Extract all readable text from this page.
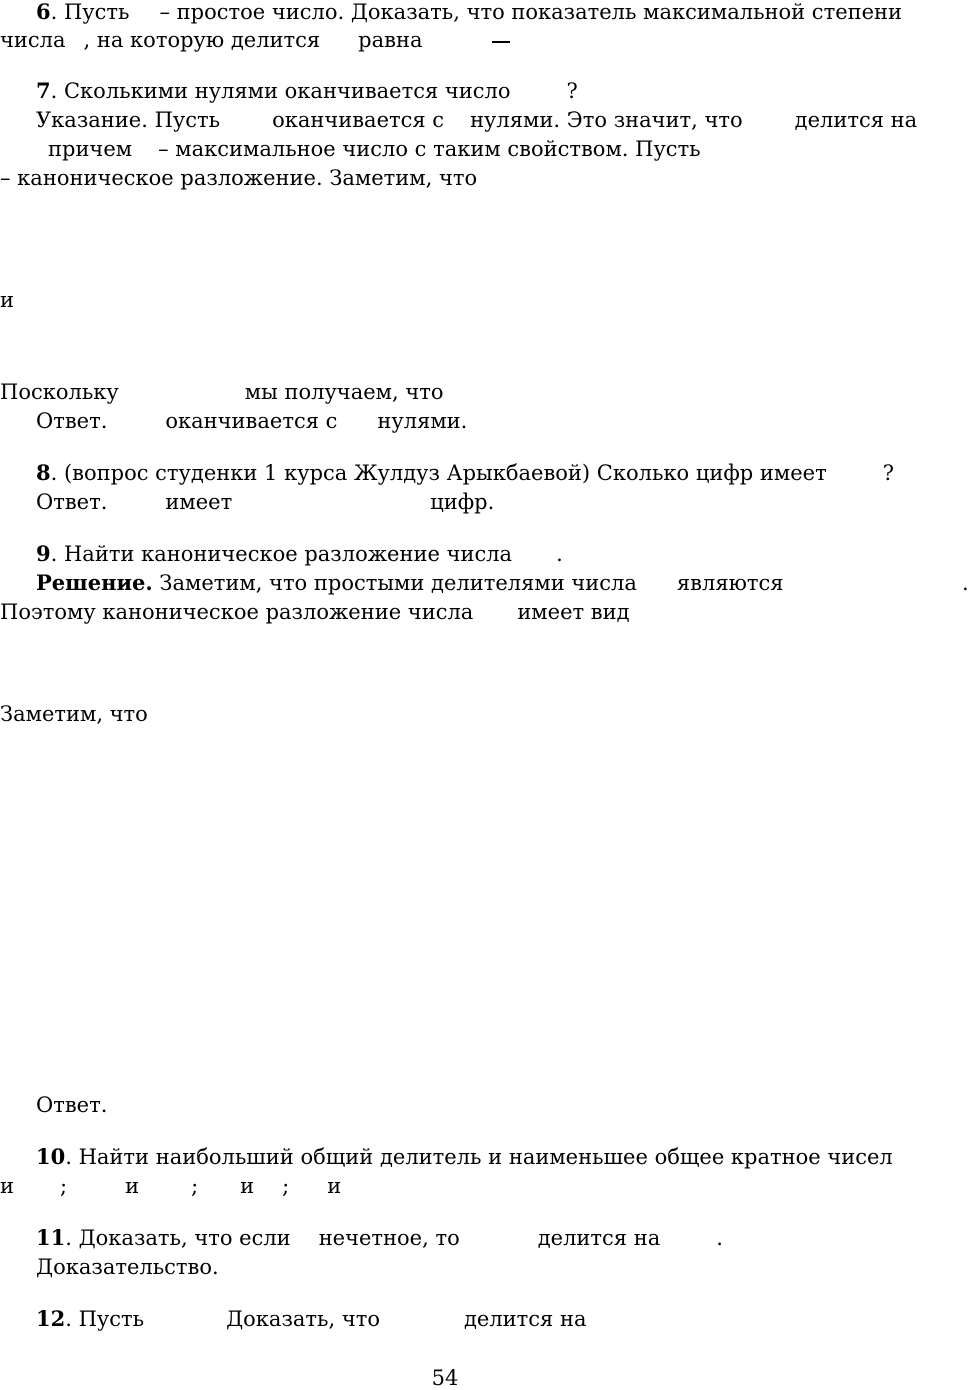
6. Пусть – простое число. Доказать, что показатель максимальной степени
числа , на которую делится равна
7. Сколькими нулями оканчивается число	?
Указание. Пусть оканчивается с нулями. Это значит, что делится на
причем – максимальное число с таким свойством. Пусть
– каноническое разложение. Заметим, что
и
Поскольку	мы получаем, что
Ответ.	оканчивается с нулями.
8. (вопрос студенки 1 курса Жулдуз Арыкбаевой) Сколько цифр имеет	?
Ответ.	имеет	цифр.
9. Найти каноническое разложение числа .
Решение. Заметим, что простыми делителями числа являются	.
Поэтому каноническое разложение числа имеет вид
Заметим, что
Ответ.
10. Найти наибольший общий делитель и наименьшее общее кратное чисел
и ;	и ; и ; и
11. Доказать, что если нечетное, то	делится на	.
Доказательство.
12. Пусть	Доказать, что	делится на
54
